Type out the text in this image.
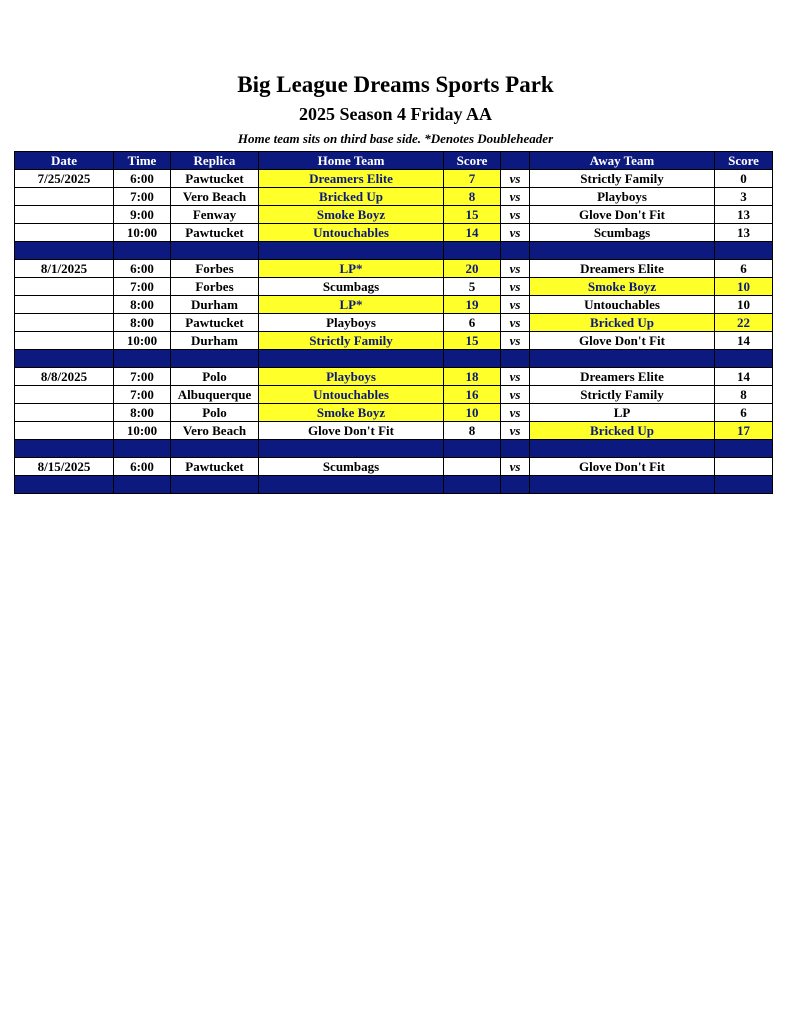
Big League Dreams Sports Park
2025 Season 4 Friday AA
Home team sits on third base side. *Denotes Doubleheader
Date	Time	Replica	Home Team	Score		Away Team	Score
7/25/2025	6:00	Pawtucket	Dreamers Elite	7	vs	Strictly Family	0
	7:00	Vero Beach	Bricked Up	8	vs	Playboys	3
	9:00	Fenway	Smoke Boyz	15	vs	Glove Don't Fit	13
	10:00	Pawtucket	Untouchables	14	vs	Scumbags	13

8/1/2025	6:00	Forbes	LP*	20	vs	Dreamers Elite	6
	7:00	Forbes	Scumbags	5	vs	Smoke Boyz	10
	8:00	Durham	LP*	19	vs	Untouchables	10
	8:00	Pawtucket	Playboys	6	vs	Bricked Up	22
	10:00	Durham	Strictly Family	15	vs	Glove Don't Fit	14

8/8/2025	7:00	Polo	Playboys	18	vs	Dreamers Elite	14
	7:00	Albuquerque	Untouchables	16	vs	Strictly Family	8
	8:00	Polo	Smoke Boyz	10	vs	LP	6
	10:00	Vero Beach	Glove Don't Fit	8	vs	Bricked Up	17

8/15/2025	6:00	Pawtucket	Scumbags		vs	Glove Don't Fit	
